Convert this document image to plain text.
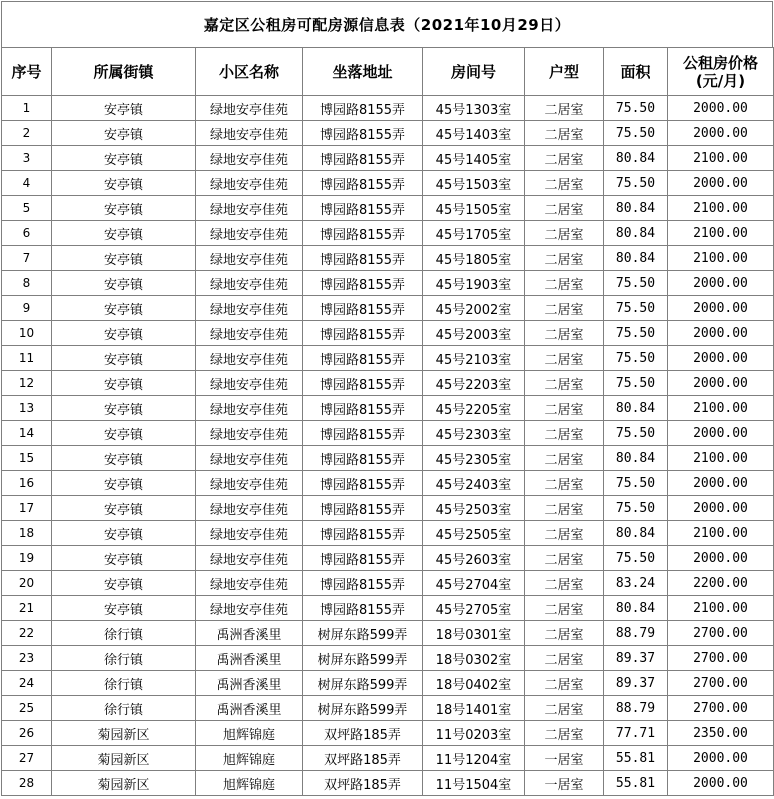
嘉定区公租房可配房源信息表（2021年10月29日）
序号	所属街镇	小区名称	坐落地址	房间号	户型	面积	公租房价格
(元/月)

1	安亭镇	绿地安亭佳苑	博园路8155弄	45号1303室	二居室	75.50	2000.00
2	安亭镇	绿地安亭佳苑	博园路8155弄	45号1403室	二居室	75.50	2000.00
3	安亭镇	绿地安亭佳苑	博园路8155弄	45号1405室	二居室	80.84	2100.00
4	安亭镇	绿地安亭佳苑	博园路8155弄	45号1503室	二居室	75.50	2000.00
5	安亭镇	绿地安亭佳苑	博园路8155弄	45号1505室	二居室	80.84	2100.00
6	安亭镇	绿地安亭佳苑	博园路8155弄	45号1705室	二居室	80.84	2100.00
7	安亭镇	绿地安亭佳苑	博园路8155弄	45号1805室	二居室	80.84	2100.00
8	安亭镇	绿地安亭佳苑	博园路8155弄	45号1903室	二居室	75.50	2000.00
9	安亭镇	绿地安亭佳苑	博园路8155弄	45号2002室	二居室	75.50	2000.00
10	安亭镇	绿地安亭佳苑	博园路8155弄	45号2003室	二居室	75.50	2000.00
11	安亭镇	绿地安亭佳苑	博园路8155弄	45号2103室	二居室	75.50	2000.00
12	安亭镇	绿地安亭佳苑	博园路8155弄	45号2203室	二居室	75.50	2000.00
13	安亭镇	绿地安亭佳苑	博园路8155弄	45号2205室	二居室	80.84	2100.00
14	安亭镇	绿地安亭佳苑	博园路8155弄	45号2303室	二居室	75.50	2000.00
15	安亭镇	绿地安亭佳苑	博园路8155弄	45号2305室	二居室	80.84	2100.00
16	安亭镇	绿地安亭佳苑	博园路8155弄	45号2403室	二居室	75.50	2000.00
17	安亭镇	绿地安亭佳苑	博园路8155弄	45号2503室	二居室	75.50	2000.00
18	安亭镇	绿地安亭佳苑	博园路8155弄	45号2505室	二居室	80.84	2100.00
19	安亭镇	绿地安亭佳苑	博园路8155弄	45号2603室	二居室	75.50	2000.00
20	安亭镇	绿地安亭佳苑	博园路8155弄	45号2704室	二居室	83.24	2200.00
21	安亭镇	绿地安亭佳苑	博园路8155弄	45号2705室	二居室	80.84	2100.00
22	徐行镇	禹洲香溪里	树屏东路599弄	18号0301室	二居室	88.79	2700.00
23	徐行镇	禹洲香溪里	树屏东路599弄	18号0302室	二居室	89.37	2700.00
24	徐行镇	禹洲香溪里	树屏东路599弄	18号0402室	二居室	89.37	2700.00
25	徐行镇	禹洲香溪里	树屏东路599弄	18号1401室	二居室	88.79	2700.00
26	菊园新区	旭辉锦庭	双坪路185弄	11号0203室	二居室	77.71	2350.00
27	菊园新区	旭辉锦庭	双坪路185弄	11号1204室	一居室	55.81	2000.00
28	菊园新区	旭辉锦庭	双坪路185弄	11号1504室	一居室	55.81	2000.00
